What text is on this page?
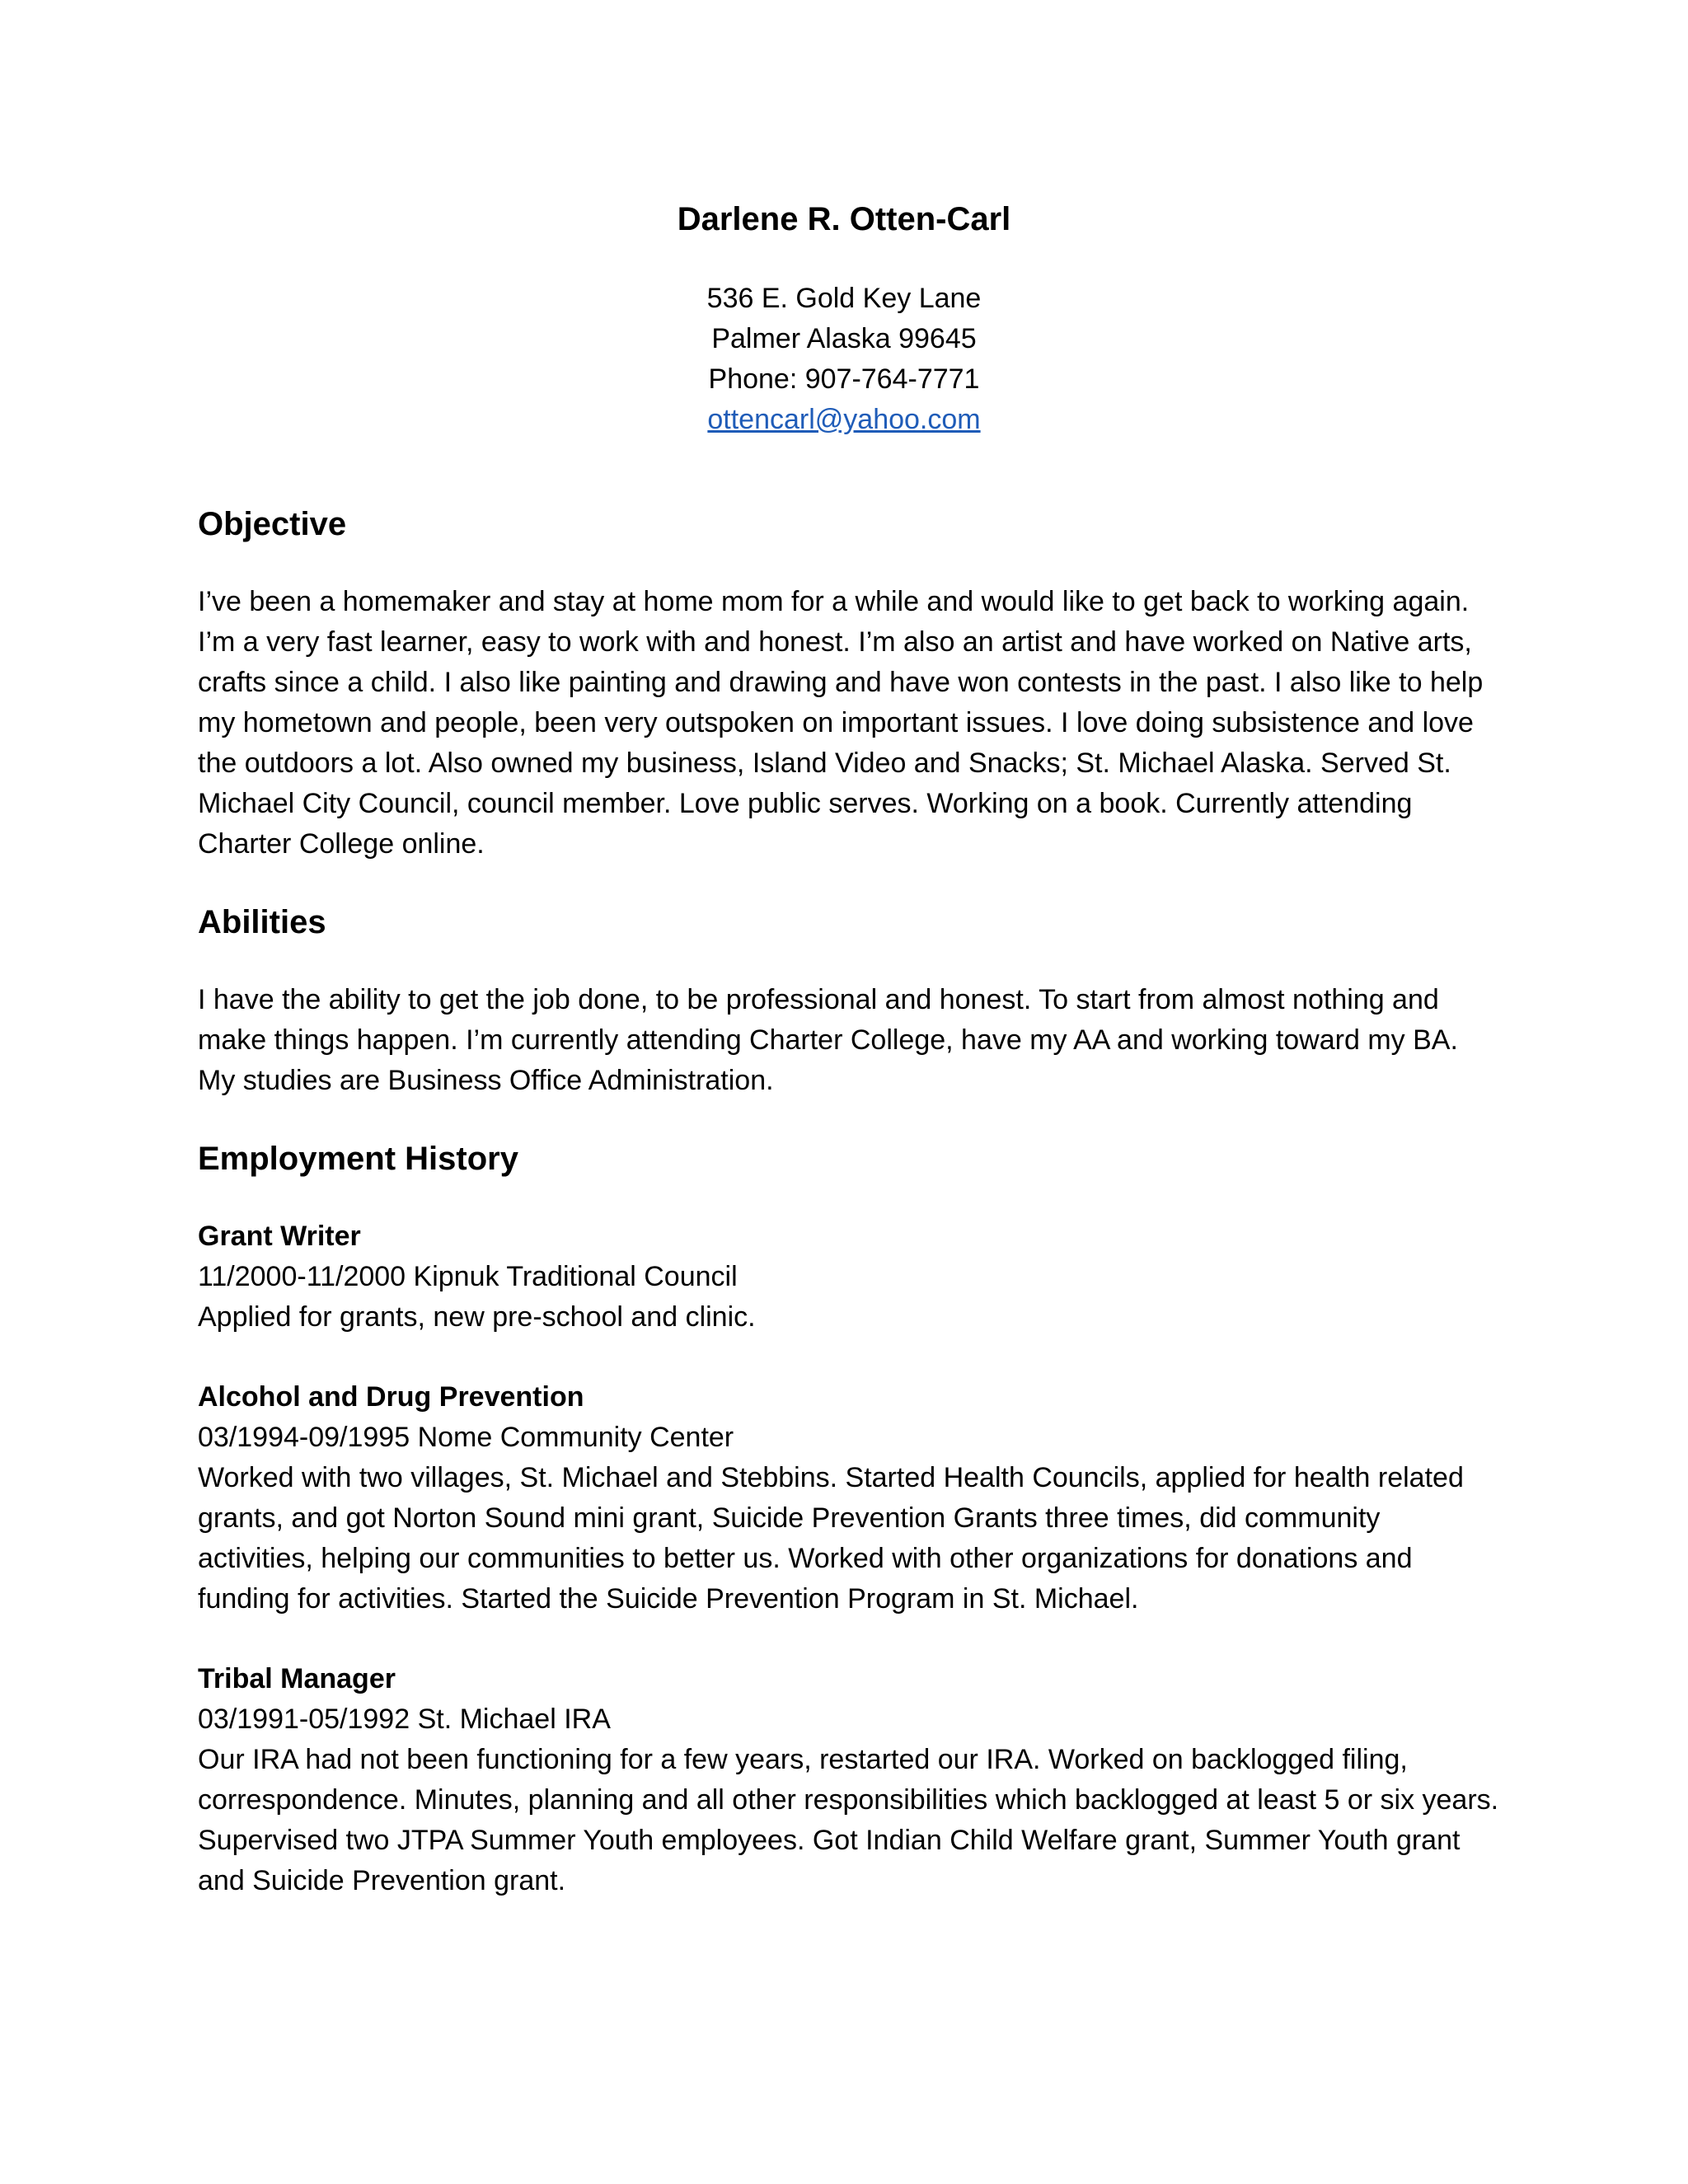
Darlene R. Otten-Carl
536 E. Gold Key Lane
Palmer Alaska 99645
Phone: 907-764-7771
ottencarl@yahoo.com
Objective
I’ve been a homemaker and stay at home mom for a while and would like to get back to working again. I’m a very fast learner, easy to work with and honest. I’m also an artist and have worked on Native arts, crafts since a child. I also like painting and drawing and have won contests in the past. I also like to help my hometown and people, been very outspoken on important issues. I love doing subsistence and love the outdoors a lot. Also owned my business, Island Video and Snacks; St. Michael Alaska. Served St. Michael City Council, council member. Love public serves. Working on a book. Currently attending Charter College online.
Abilities
I have the ability to get the job done, to be professional and honest. To start from almost nothing and make things happen. I’m currently attending Charter College, have my AA and working toward my BA. My studies are Business Office Administration.
Employment History
Grant Writer
11/2000-11/2000 Kipnuk Traditional Council
Applied for grants, new pre-school and clinic.
Alcohol and Drug Prevention
03/1994-09/1995 Nome Community Center
Worked with two villages, St. Michael and Stebbins. Started Health Councils, applied for health related grants, and got Norton Sound mini grant, Suicide Prevention Grants three times, did community activities, helping our communities to better us. Worked with other organizations for donations and funding for activities. Started the Suicide Prevention Program in St. Michael.
Tribal Manager
03/1991-05/1992 St. Michael IRA
Our IRA had not been functioning for a few years, restarted our IRA. Worked on backlogged filing, correspondence. Minutes, planning and all other responsibilities which backlogged at least 5 or six years. Supervised two JTPA Summer Youth employees. Got Indian Child Welfare grant, Summer Youth grant and Suicide Prevention grant.
